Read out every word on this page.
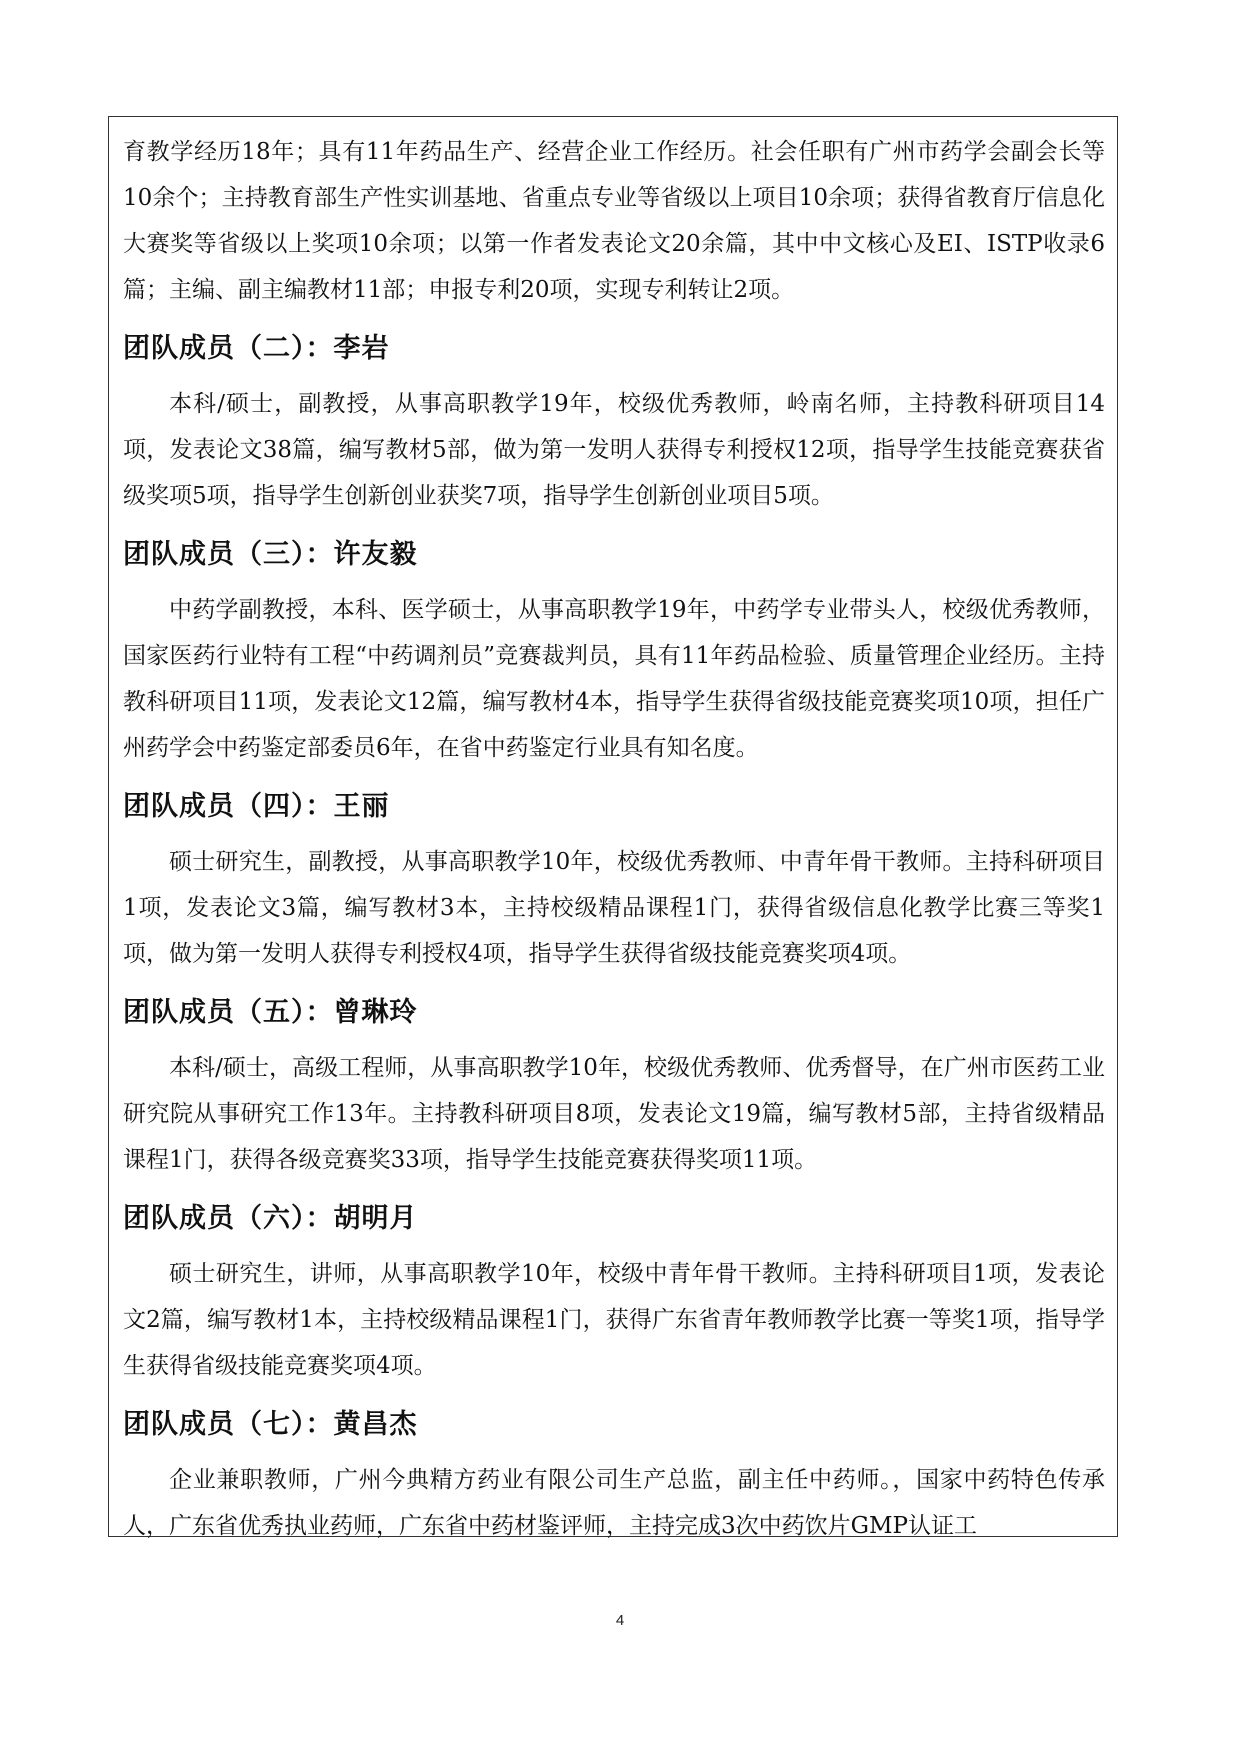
育教学经历18年；具有11年药品生产、经营企业工作经历。社会任职有广州市药学会副会长等10余个；主持教育部生产性实训基地、省重点专业等省级以上项目10余项；获得省教育厅信息化大赛奖等省级以上奖项10余项；以第一作者发表论文20余篇，其中中文核心及EI、ISTP收录6篇；主编、副主编教材11部；申报专利20项，实现专利转让2项。

团队成员（二）：李岩

本科/硕士，副教授，从事高职教学19年，校级优秀教师，岭南名师，主持教科研项目14项，发表论文38篇，编写教材5部，做为第一发明人获得专利授权12项，指导学生技能竞赛获省级奖项5项，指导学生创新创业获奖7项，指导学生创新创业项目5项。

团队成员（三）：许友毅

中药学副教授，本科、医学硕士，从事高职教学19年，中药学专业带头人，校级优秀教师，国家医药行业特有工程“中药调剂员”竞赛裁判员，具有11年药品检验、质量管理企业经历。主持教科研项目11项，发表论文12篇，编写教材4本，指导学生获得省级技能竞赛奖项10项，担任广州药学会中药鉴定部委员6年，在省中药鉴定行业具有知名度。

团队成员（四）：王丽

硕士研究生，副教授，从事高职教学10年，校级优秀教师、中青年骨干教师。主持科研项目1项，发表论文3篇，编写教材3本，主持校级精品课程1门，获得省级信息化教学比赛三等奖1项，做为第一发明人获得专利授权4项，指导学生获得省级技能竞赛奖项4项。

团队成员（五）：曾琳玲

本科/硕士，高级工程师，从事高职教学10年，校级优秀教师、优秀督导，在广州市医药工业研究院从事研究工作13年。主持教科研项目8项，发表论文19篇，编写教材5部，主持省级精品课程1门，获得各级竞赛奖33项，指导学生技能竞赛获得奖项11项。

团队成员（六）：胡明月

硕士研究生，讲师，从事高职教学10年，校级中青年骨干教师。主持科研项目1项，发表论文2篇，编写教材1本，主持校级精品课程1门，获得广东省青年教师教学比赛一等奖1项，指导学生获得省级技能竞赛奖项4项。

团队成员（七）：黄昌杰

企业兼职教师，广州今典精方药业有限公司生产总监，副主任中药师。，国家中药特色传承人，广东省优秀执业药师，广东省中药材鉴评师，主持完成3次中药饮片GMP认证工

4
